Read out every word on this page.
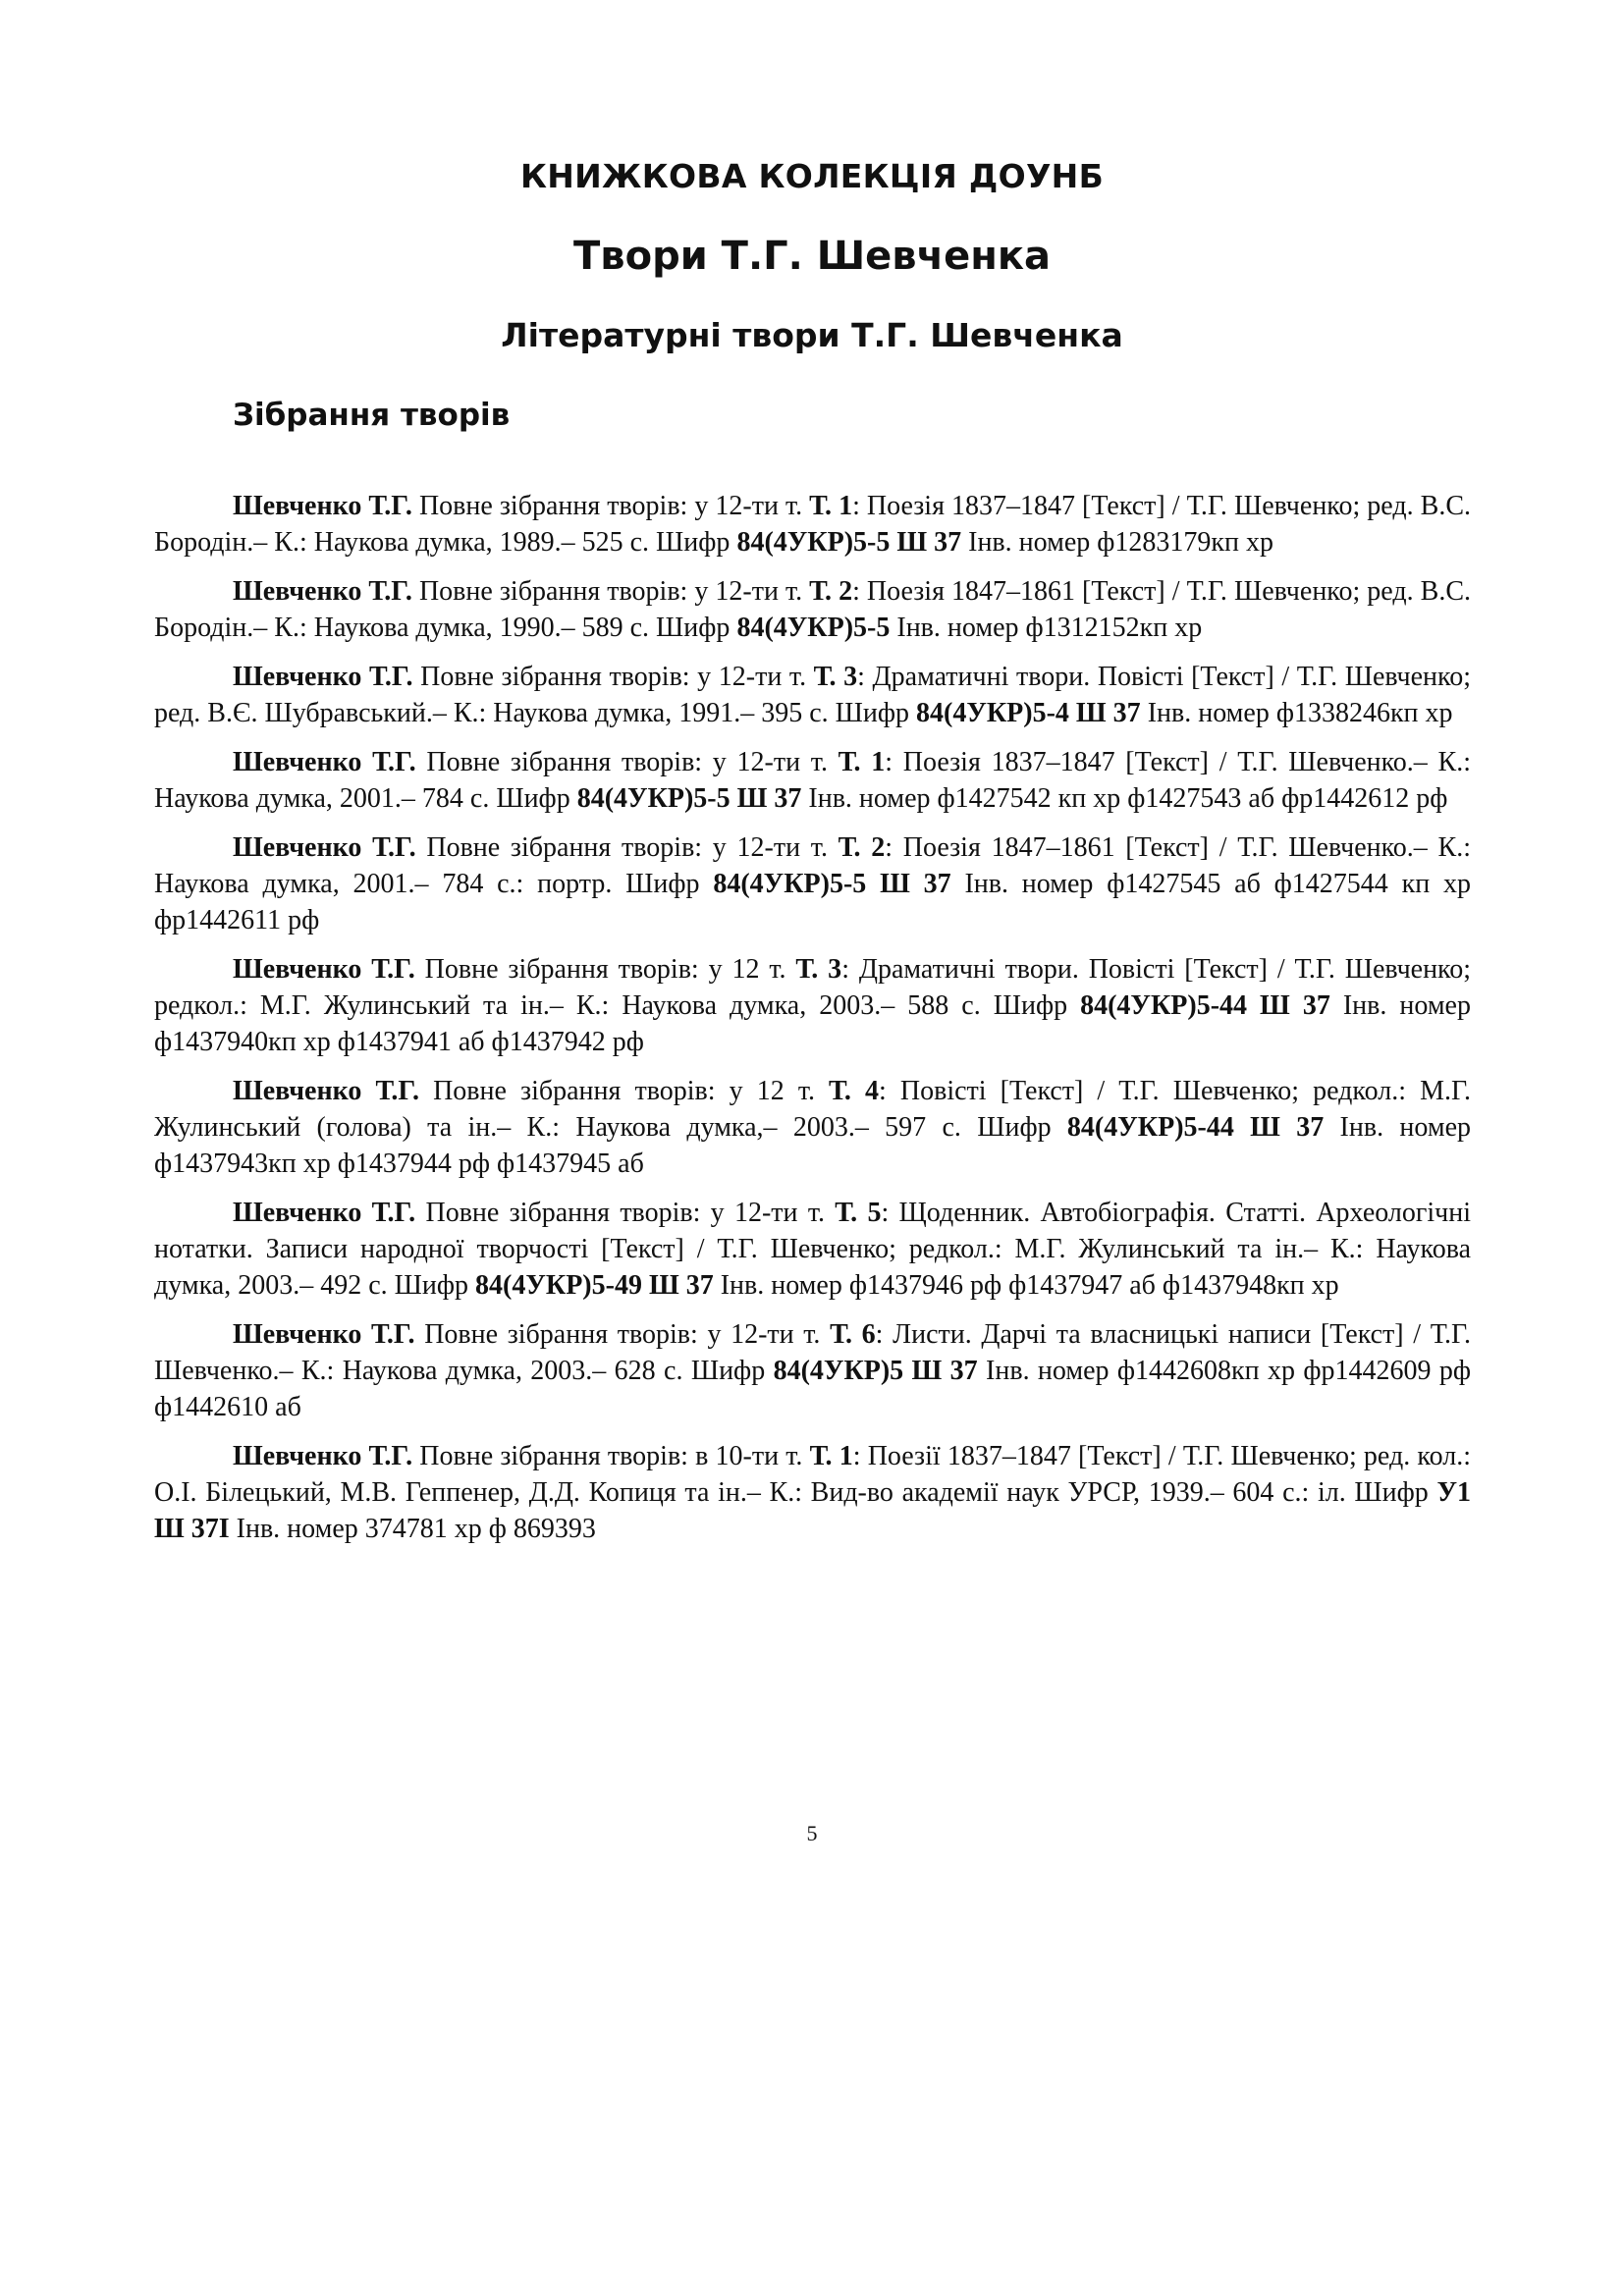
КНИЖКОВА КОЛЕКЦІЯ ДОУНБ
Твори Т.Г. Шевченка
Літературні твори Т.Г. Шевченка
Зібрання творів

Шевченко Т.Г. Повне зібрання творів: у 12-ти т. Т. 1: Поезія 1837–1847 [Текст] / Т.Г. Шевченко; ред. В.С. Бородін.– К.: Наукова думка, 1989.– 525 с. Шифр 84(4УКР)5-5 Ш 37 Інв. номер ф1283179кп хр

Шевченко Т.Г. Повне зібрання творів: у 12-ти т. Т. 2: Поезія 1847–1861 [Текст] / Т.Г. Шевченко; ред. В.С. Бородін.– К.: Наукова думка, 1990.– 589 с. Шифр 84(4УКР)5-5 Інв. номер ф1312152кп хр

Шевченко Т.Г. Повне зібрання творів: у 12-ти т. Т. 3: Драматичні твори. Повісті [Текст] / Т.Г. Шевченко; ред. В.Є. Шубравський.– К.: Наукова думка, 1991.– 395 с. Шифр 84(4УКР)5-4 Ш 37 Інв. номер ф1338246кп хр

Шевченко Т.Г. Повне зібрання творів: у 12-ти т. Т. 1: Поезія 1837–1847 [Текст] / Т.Г. Шевченко.– К.: Наукова думка, 2001.– 784 с. Шифр 84(4УКР)5-5 Ш 37 Інв. номер ф1427542 кп хр ф1427543 аб фр1442612 рф

Шевченко Т.Г. Повне зібрання творів: у 12-ти т. Т. 2: Поезія 1847–1861 [Текст] / Т.Г. Шевченко.– К.: Наукова думка, 2001.– 784 с.: портр. Шифр 84(4УКР)5-5 Ш 37 Інв. номер ф1427545 аб ф1427544 кп хр фр1442611 рф

Шевченко Т.Г. Повне зібрання творів: у 12 т. Т. 3: Драматичні твори. Повісті [Текст] / Т.Г. Шевченко; редкол.: М.Г. Жулинський та ін.– К.: Наукова думка, 2003.– 588 с. Шифр 84(4УКР)5-44 Ш 37 Інв. номер ф1437940кп хр ф1437941 аб ф1437942 рф

Шевченко Т.Г. Повне зібрання творів: у 12 т. Т. 4: Повісті [Текст] / Т.Г. Шевченко; редкол.: М.Г. Жулинський (голова) та ін.– К.: Наукова думка,– 2003.– 597 с. Шифр 84(4УКР)5-44 Ш 37 Інв. номер ф1437943кп хр ф1437944 рф ф1437945 аб

Шевченко Т.Г. Повне зібрання творів: у 12-ти т. Т. 5: Щоденник. Автобіографія. Статті. Археологічні нотатки. Записи народної творчості [Текст] / Т.Г. Шевченко; редкол.: М.Г. Жулинський та ін.– К.: Наукова думка, 2003.– 492 с. Шифр 84(4УКР)5-49 Ш 37 Інв. номер ф1437946 рф ф1437947 аб ф1437948кп хр

Шевченко Т.Г. Повне зібрання творів: у 12-ти т. Т. 6: Листи. Дарчі та власницькі написи [Текст] / Т.Г. Шевченко.– К.: Наукова думка, 2003.– 628 с. Шифр 84(4УКР)5 Ш 37 Інв. номер ф1442608кп хр фр1442609 рф ф1442610 аб

Шевченко Т.Г. Повне зібрання творів: в 10-ти т. Т. 1: Поезії 1837–1847 [Текст] / Т.Г. Шевченко; ред. кол.: О.І. Білецький, М.В. Геппенер, Д.Д. Копиця та ін.– К.: Вид-во академії наук УРСР, 1939.– 604 с.: іл. Шифр У1 Ш 37І Інв. номер 374781 хр ф 869393

5
